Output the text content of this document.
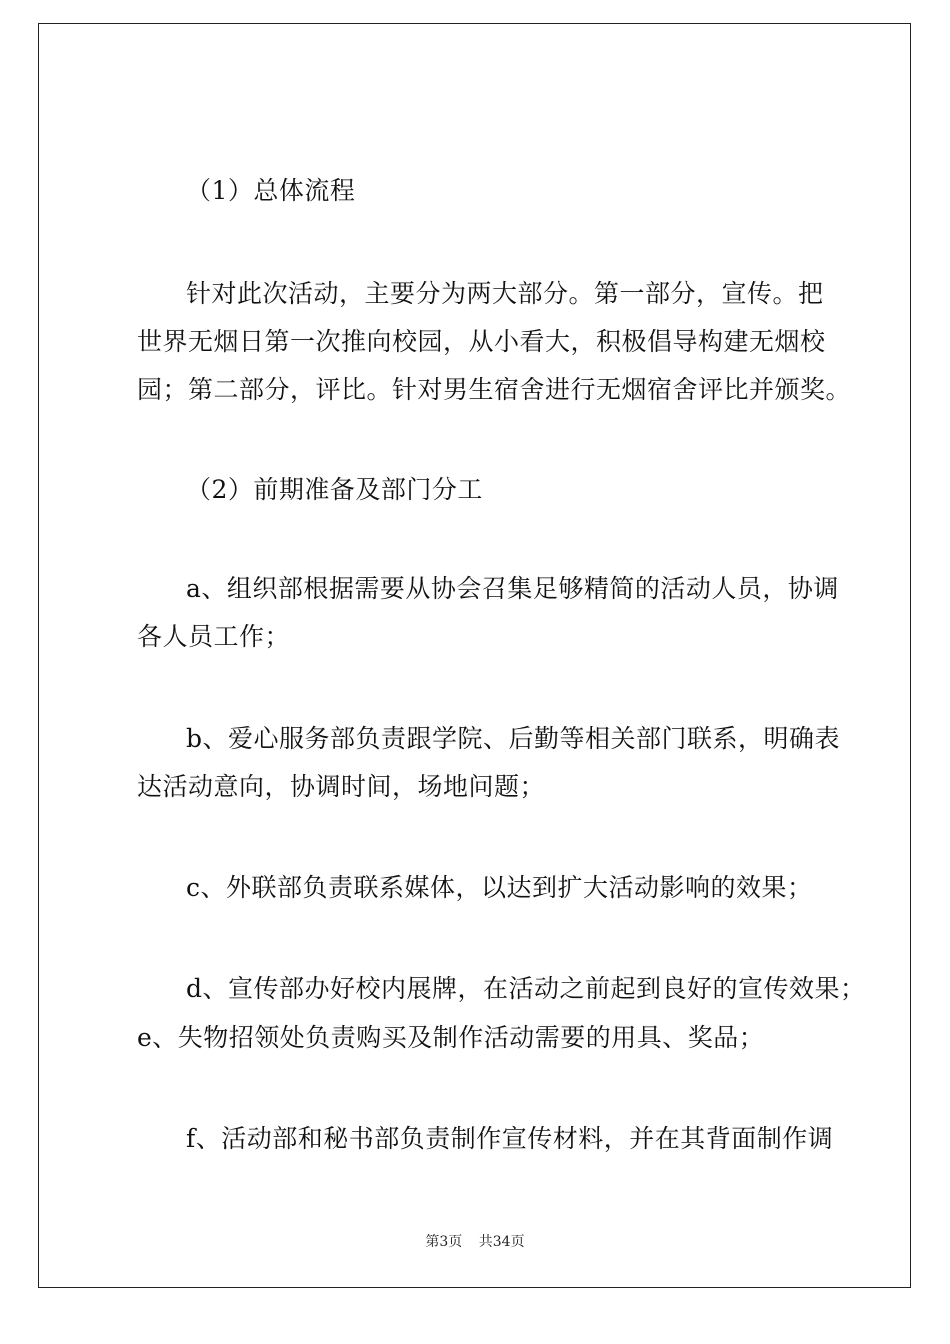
（1）总体流程
针对此次活动，主要分为两大部分。第一部分，宣传。把
世界无烟日第一次推向校园，从小看大，积极倡导构建无烟校
园；第二部分，评比。针对男生宿舍进行无烟宿舍评比并颁奖。
（2）前期准备及部门分工
a、组织部根据需要从协会召集足够精简的活动人员，协调
各人员工作；
b、爱心服务部负责跟学院、后勤等相关部门联系，明确表
达活动意向，协调时间，场地问题；
c、外联部负责联系媒体，以达到扩大活动影响的效果；
d、宣传部办好校内展牌，在活动之前起到良好的宣传效果；
e、失物招领处负责购买及制作活动需要的用具、奖品；
f、活动部和秘书部负责制作宣传材料，并在其背面制作调
第3页 共34页
